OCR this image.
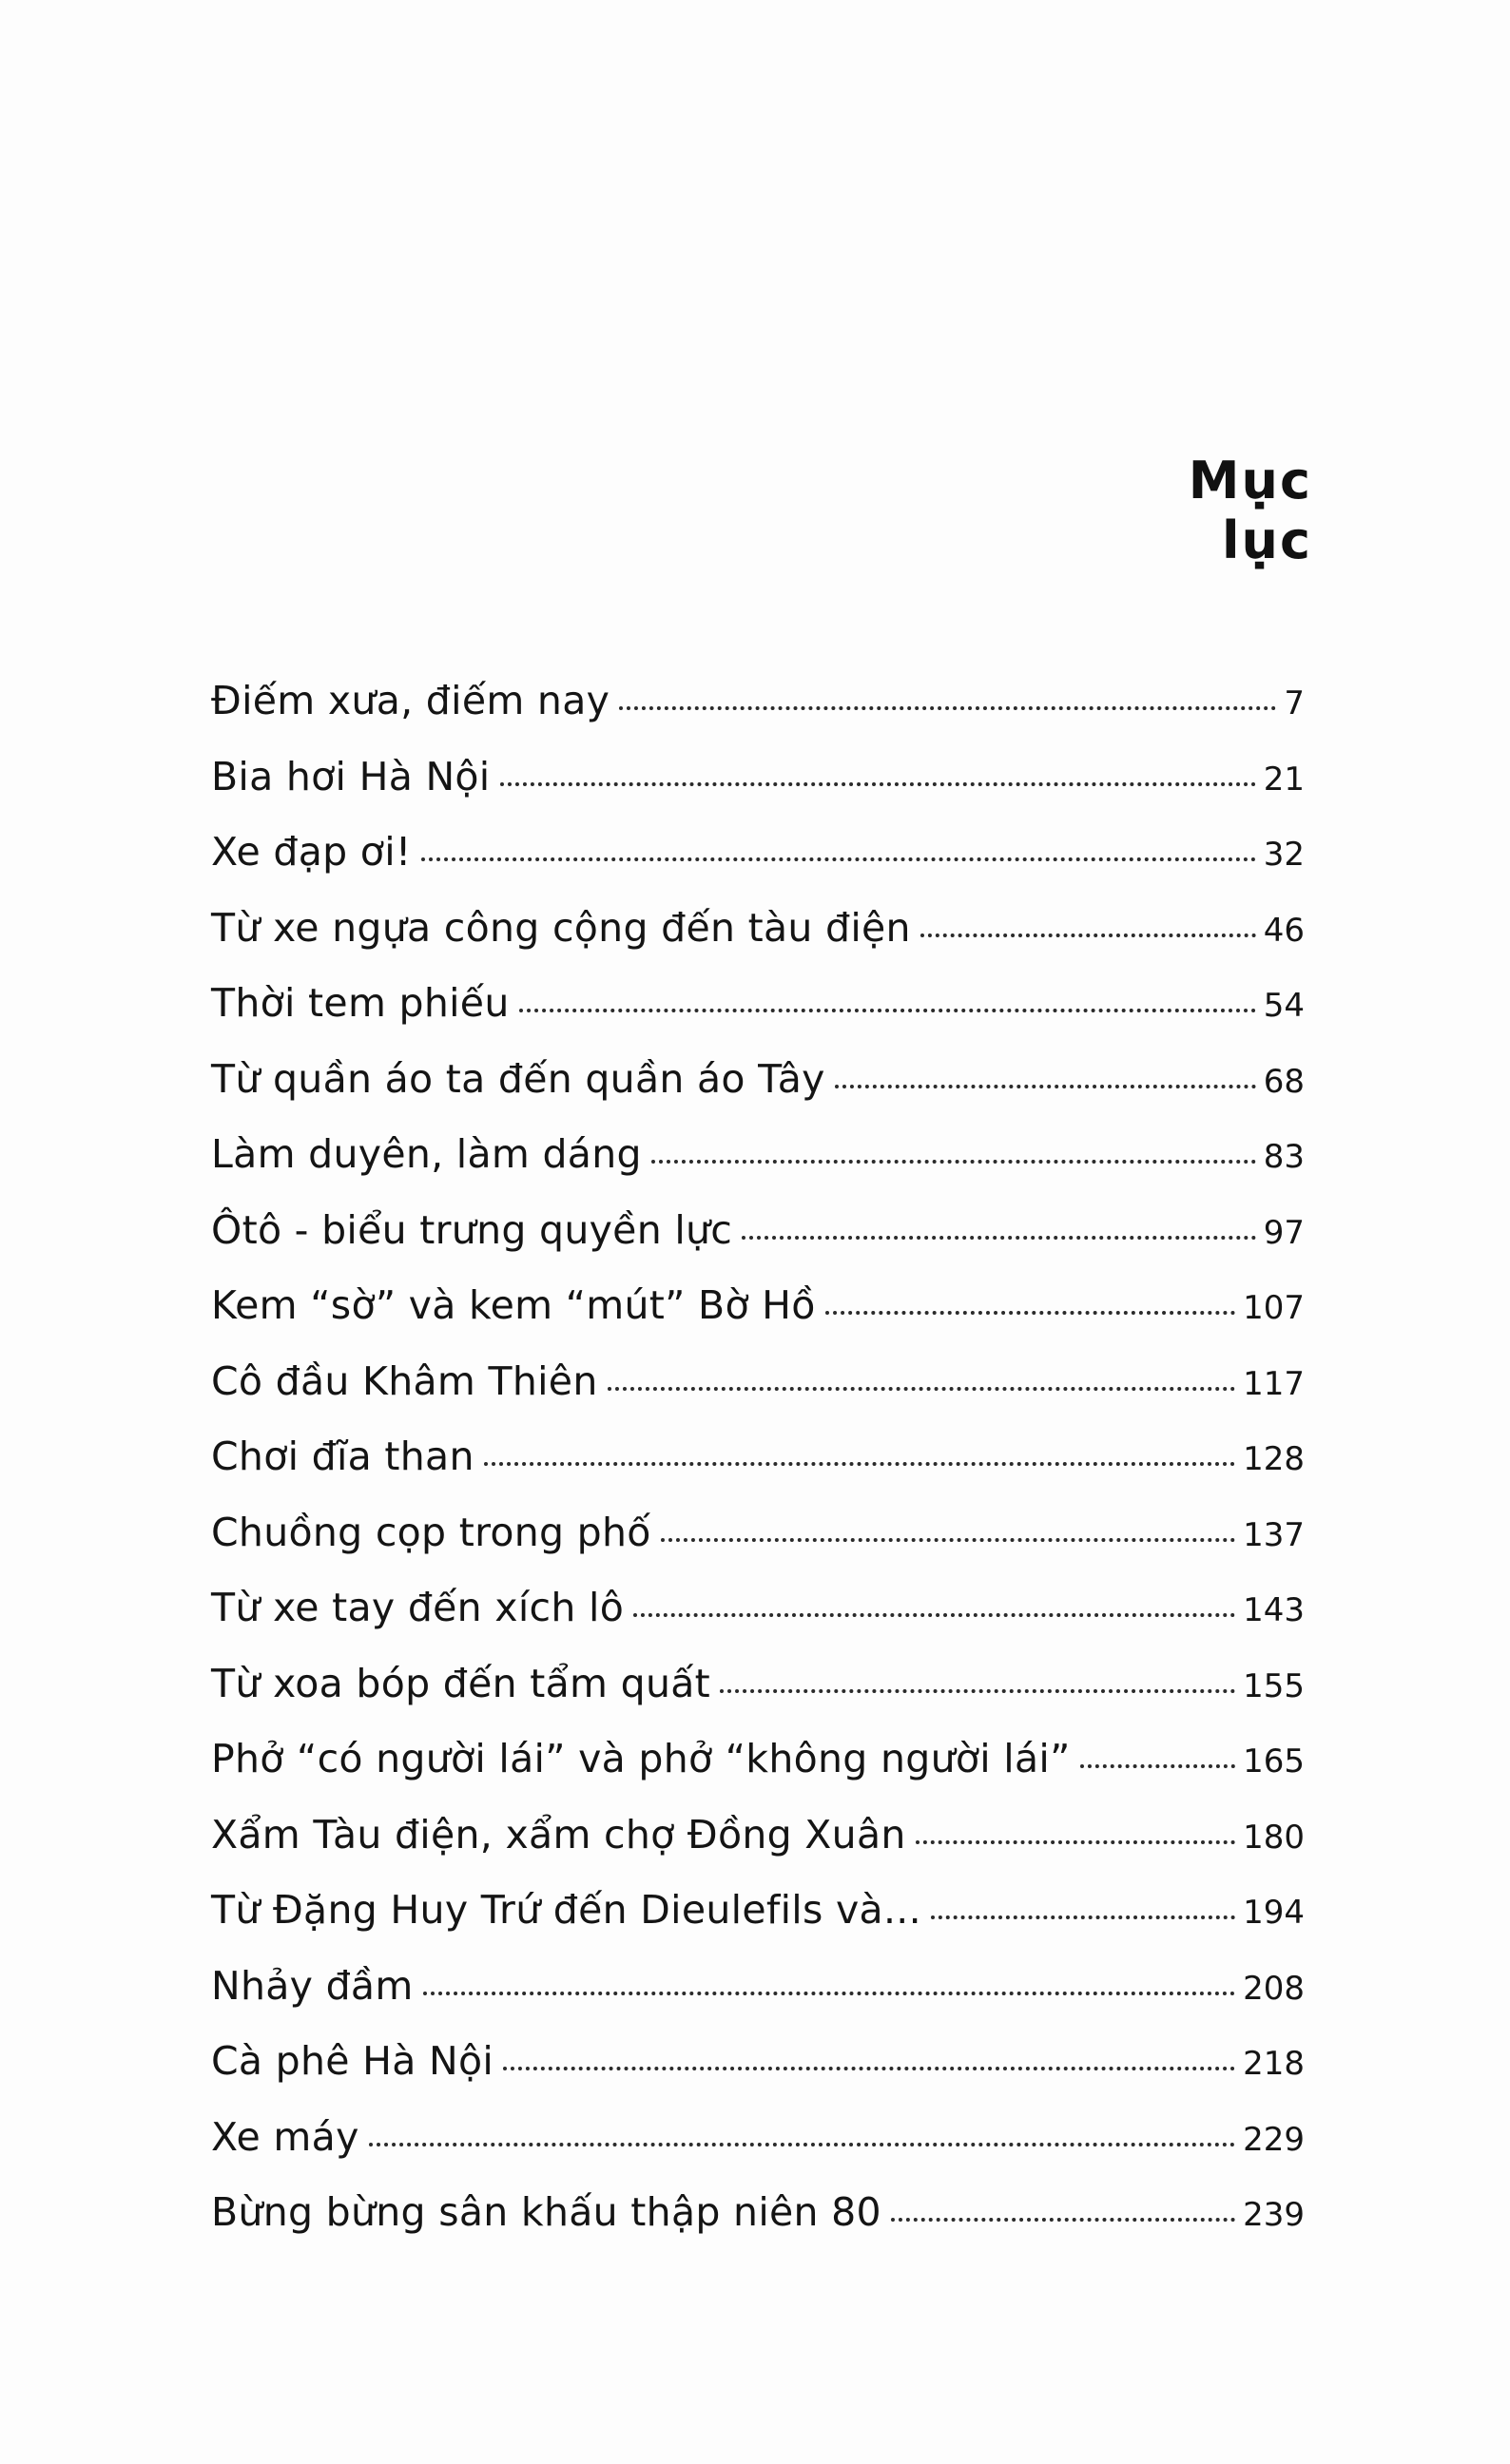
Mục lục
Điếm xưa, điếm nay	7
Bia hơi Hà Nội	21
Xe đạp ơi!	32
Từ xe ngựa công cộng đến tàu điện	46
Thời tem phiếu	54
Từ quần áo ta đến quần áo Tây	68
Làm duyên, làm dáng	83
Ôtô - biểu trưng quyền lực	97
Kem “sờ” và kem “mút” Bờ Hồ	107
Cô đầu Khâm Thiên	117
Chơi đĩa than	128
Chuồng cọp trong phố	137
Từ xe tay đến xích lô	143
Từ xoa bóp đến tẩm quất	155
Phở “có người lái” và phở “không người lái”	165
Xẩm Tàu điện, xẩm chợ Đồng Xuân	180
Từ Đặng Huy Trứ đến Dieulefils và...	194
Nhảy đầm	208
Cà phê Hà Nội	218
Xe máy	229
Bừng bừng sân khấu thập niên 80	239
